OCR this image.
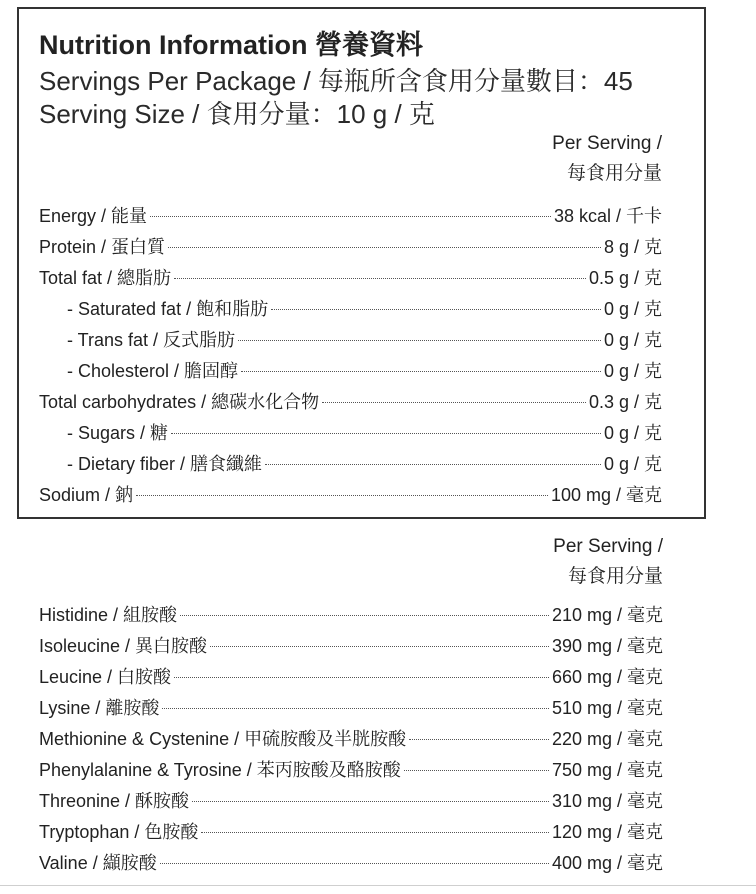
Nutrition Information 營養資料
Servings Per Package / 每瓶所含食用分量數目：45
Serving Size / 食用分量：10 g / 克
Per Serving /
每食用分量
Energy / 能量	38 kcal / 千卡
Protein / 蛋白質	8 g / 克
Total fat / 總脂肪	0.5 g / 克
- Saturated fat / 飽和脂肪	0 g / 克
- Trans fat / 反式脂肪	0 g / 克
- Cholesterol / 膽固醇	0 g / 克
Total carbohydrates / 總碳水化合物	0.3 g / 克
- Sugars / 糖	0 g / 克
- Dietary fiber / 膳食纖維	0 g / 克
Sodium / 鈉	100 mg / 毫克
Per Serving /
每食用分量
Histidine / 組胺酸	210 mg / 毫克
Isoleucine / 異白胺酸	390 mg / 毫克
Leucine / 白胺酸	660 mg / 毫克
Lysine / 離胺酸	510 mg / 毫克
Methionine & Cystenine / 甲硫胺酸及半胱胺酸	220 mg / 毫克
Phenylalanine & Tyrosine / 苯丙胺酸及酪胺酸	750 mg / 毫克
Threonine / 酥胺酸	310 mg / 毫克
Tryptophan / 色胺酸	120 mg / 毫克
Valine / 纈胺酸	400 mg / 毫克
